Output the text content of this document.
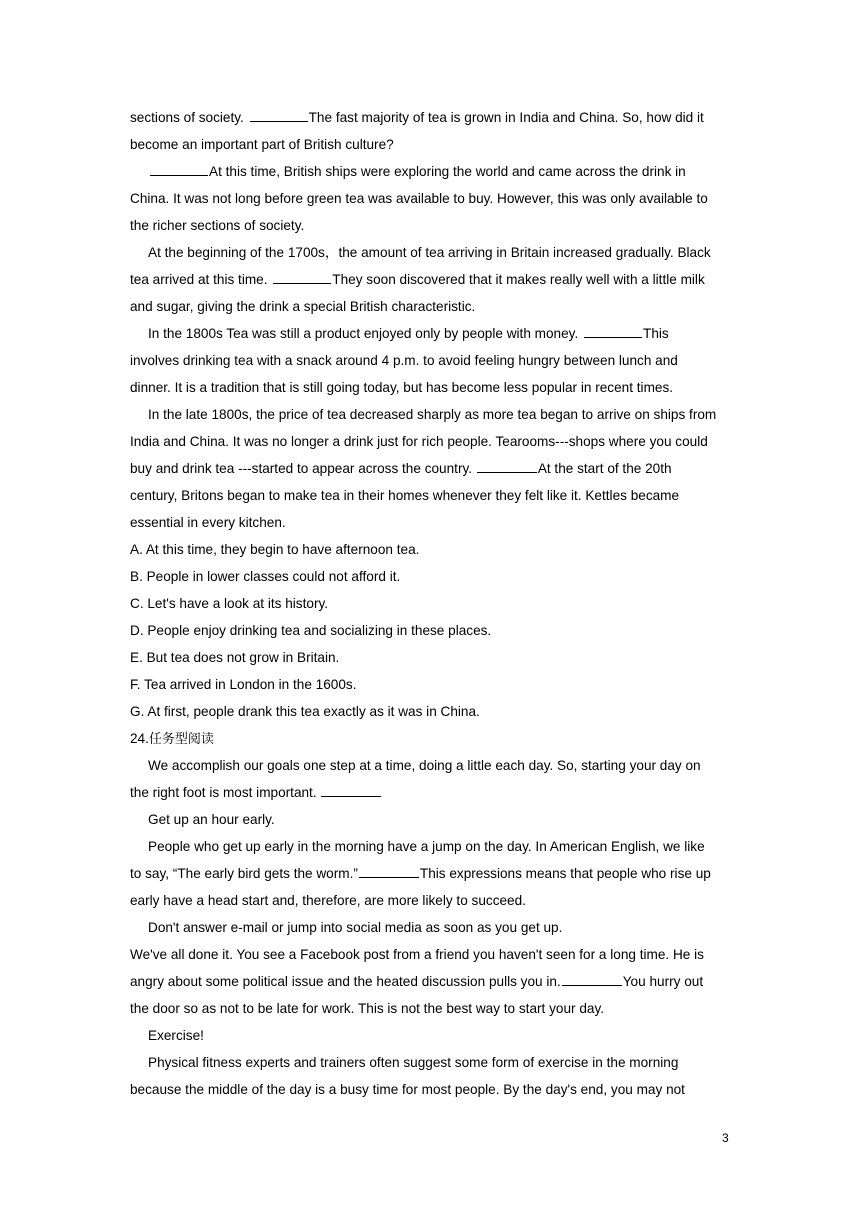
sections of society.	The fast majority of tea is grown in India and China. So, how did it
become an important part of British culture?
At this time, British ships were exploring the world and came across the drink in
China. It was not long before green tea was available to buy. However, this was only available to
the richer sections of society.
At the beginning of the 1700s，the amount of tea arriving in Britain increased gradually. Black
tea arrived at this time.	They soon discovered that it makes really well with a little milk
and sugar, giving the drink a special British characteristic.
In the 1800s Tea was still a product enjoyed only by people with money.	This
involves drinking tea with a snack around 4 p.m. to avoid feeling hungry between lunch and
dinner. It is a tradition that is still going today, but has become less popular in recent times.
In the late 1800s, the price of tea decreased sharply as more tea began to arrive on ships from
India and China. It was no longer a drink just for rich people. Tearooms---shops where you could
buy and drink tea ---started to appear across the country.	At the start of the 20th
century, Britons began to make tea in their homes whenever they felt like it. Kettles became
essential in every kitchen.
A. At this time, they begin to have afternoon tea.
B. People in lower classes could not afford it.
C. Let's have a look at its history.
D. People enjoy drinking tea and socializing in these places.
E. But tea does not grow in Britain.
F. Tea arrived in London in the 1600s.
G. At first, people drank this tea exactly as it was in China.
24.任务型阅读
We accomplish our goals one step at a time, doing a little each day. So, starting your day on
the right foot is most important.
Get up an hour early.
People who get up early in the morning have a jump on the day. In American English, we like
to say, “The early bird gets the worm.”	This expressions means that people who rise up
early have a head start and, therefore, are more likely to succeed.
Don't answer e-mail or jump into social media as soon as you get up.
We've all done it. You see a Facebook post from a friend you haven't seen for a long time. He is
angry about some political issue and the heated discussion pulls you in.	You hurry out
the door so as not to be late for work. This is not the best way to start your day.
Exercise!
Physical fitness experts and trainers often suggest some form of exercise in the morning
because the middle of the day is a busy time for most people. By the day's end, you may not
3
